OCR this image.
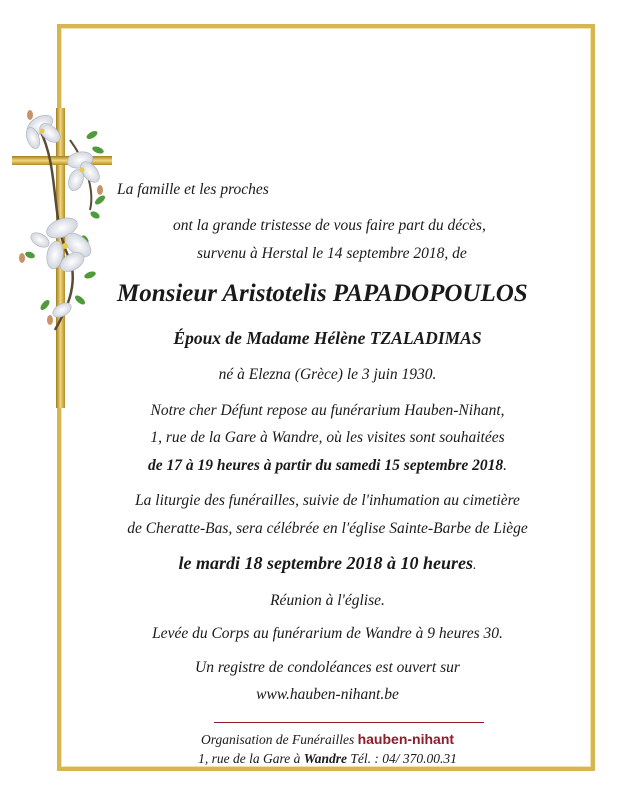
La famille et les proches
ont la grande tristesse de vous faire part du décès,
survenu à Herstal le 14 septembre 2018, de
Monsieur Aristotelis PAPADOPOULOS
Époux de Madame Hélène TZALADIMAS
né à Elezna (Grèce) le 3 juin 1930.
Notre cher Défunt repose au funérarium Hauben-Nihant,
1, rue de la Gare à Wandre, où les visites sont souhaitées
de 17 à 19 heures à partir du samedi 15 septembre 2018.
La liturgie des funérailles, suivie de l'inhumation au cimetière
de Cheratte-Bas, sera célébrée en l'église Sainte-Barbe de Liège
le mardi 18 septembre 2018 à 10 heures.
Réunion à l'église.
Levée du Corps au funérarium de Wandre à 9 heures 30.
Un registre de condoléances est ouvert sur
www.hauben-nihant.be
Organisation de Funérailles hauben-nihant
1, rue de la Gare à Wandre Tél. : 04/ 370.00.31
